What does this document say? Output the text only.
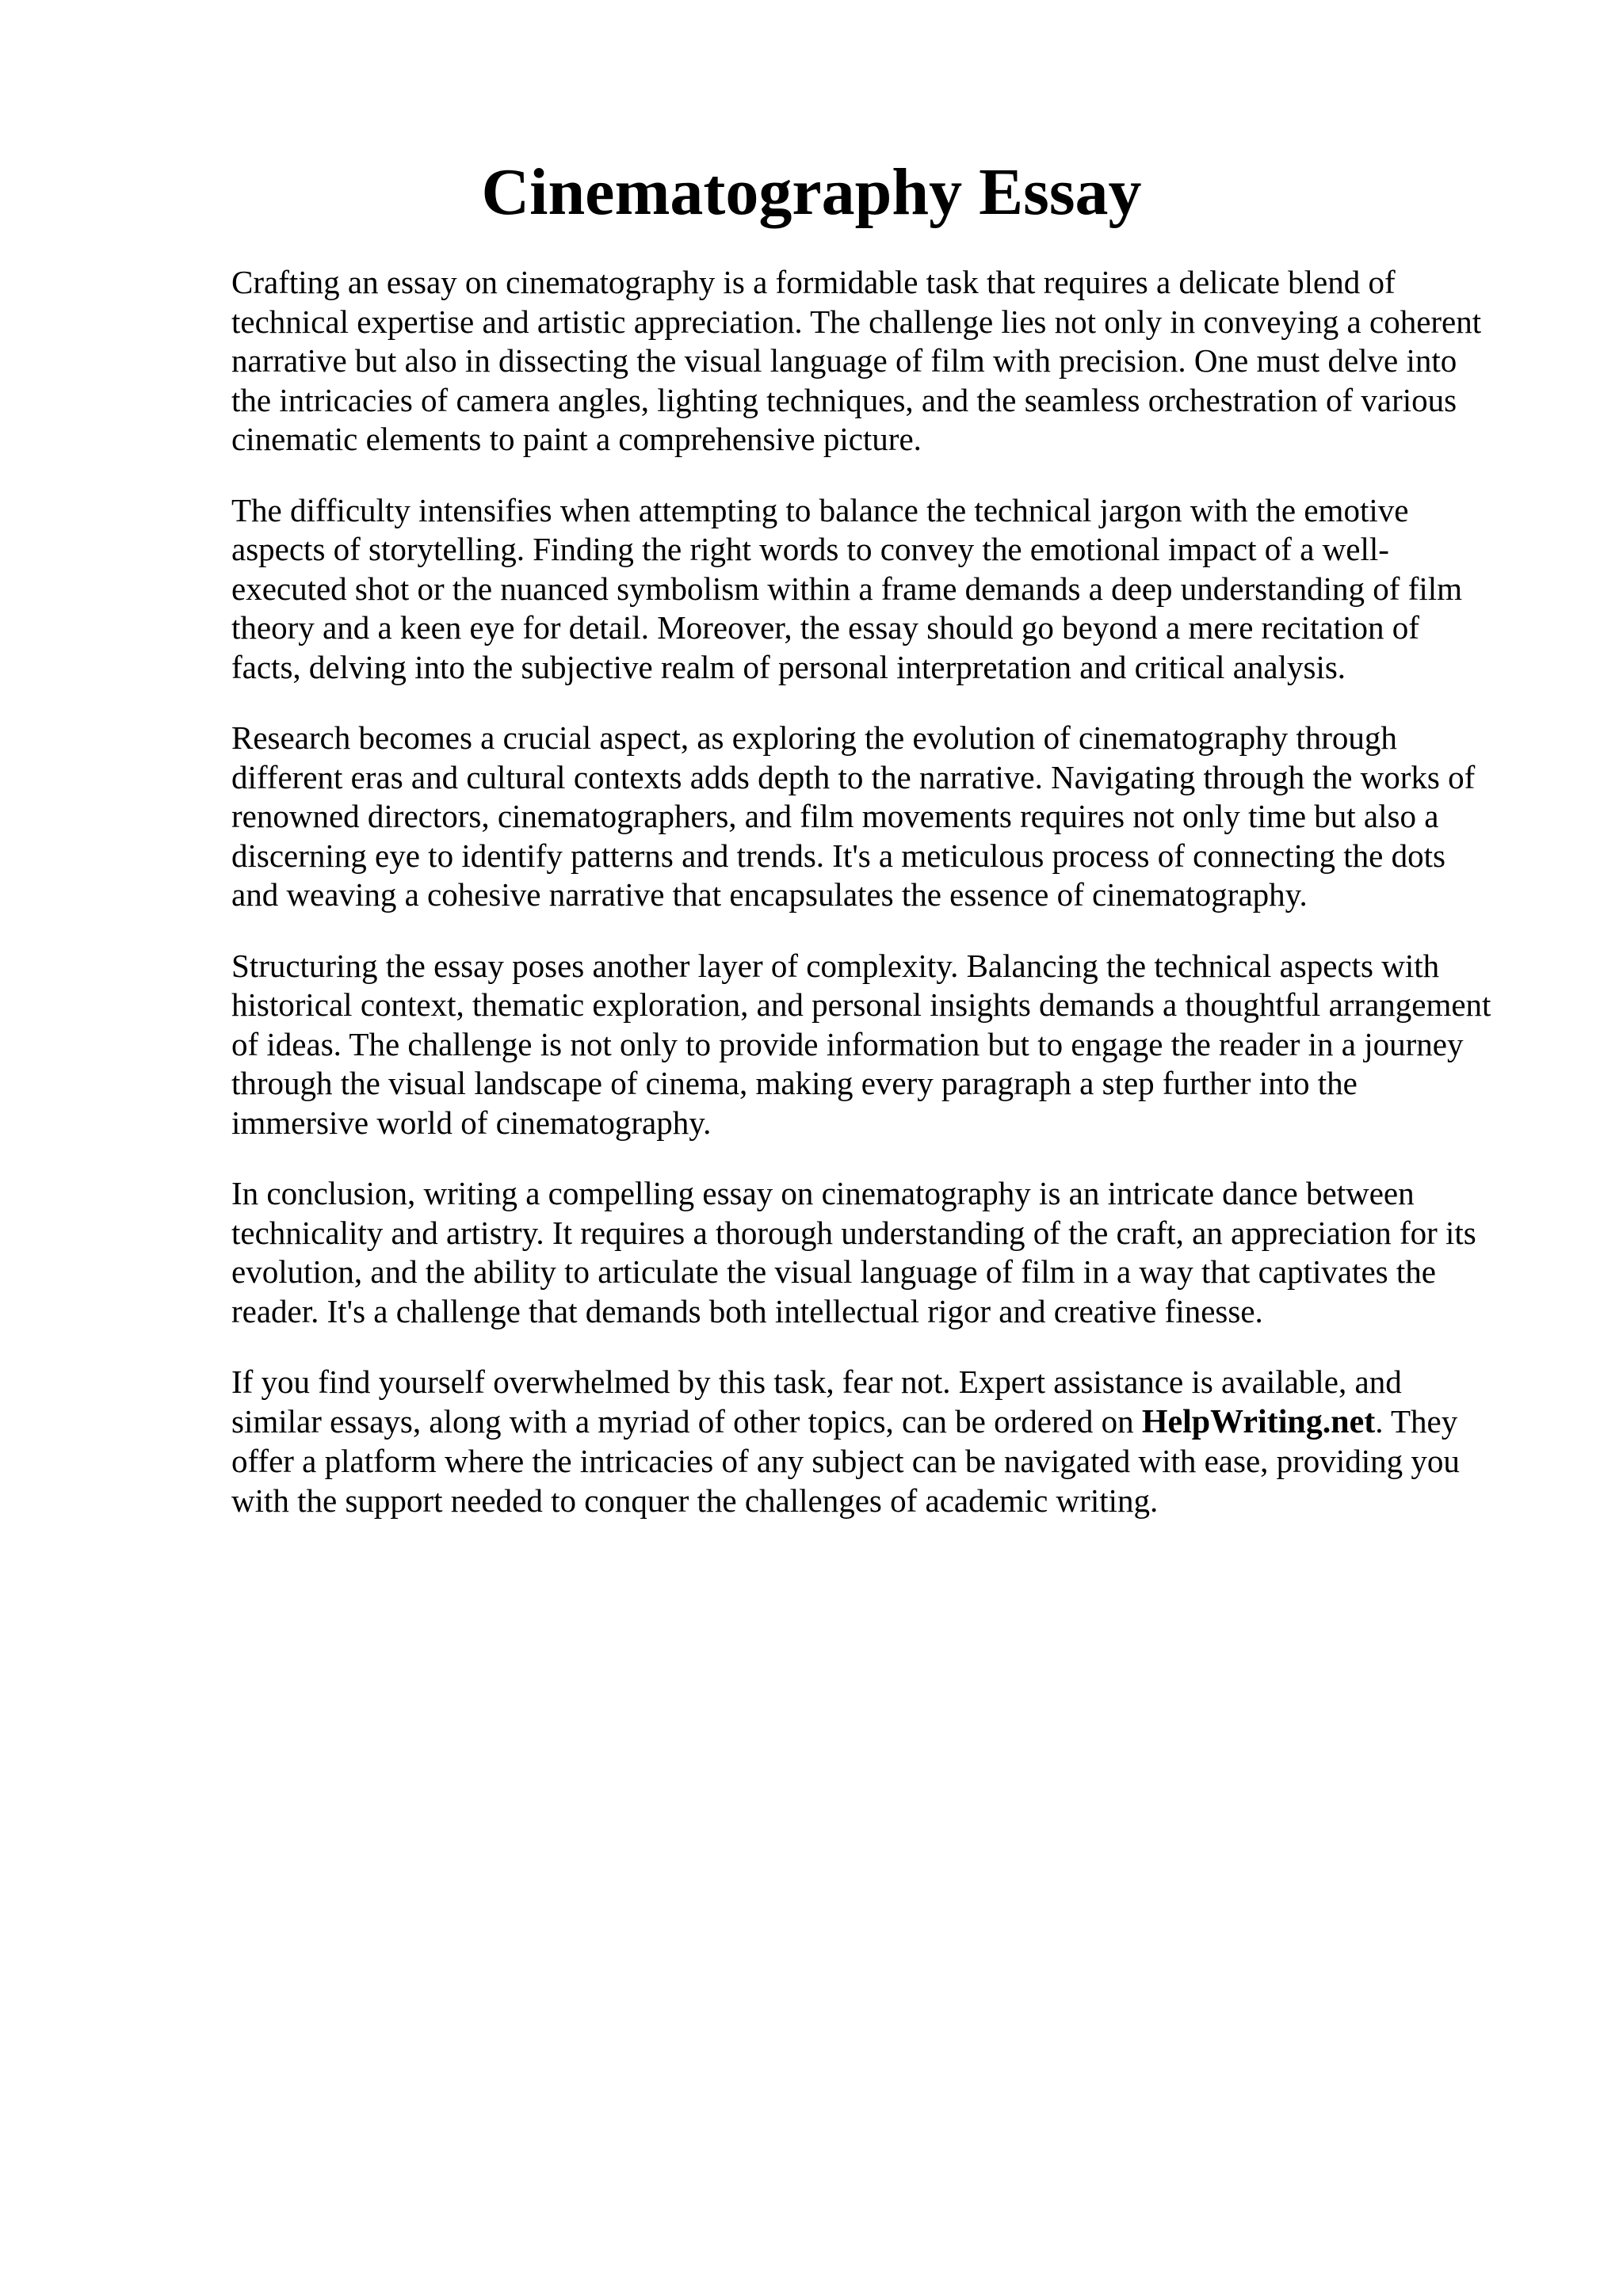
Cinematography Essay

Crafting an essay on cinematography is a formidable task that requires a delicate blend of
technical expertise and artistic appreciation. The challenge lies not only in conveying a coherent
narrative but also in dissecting the visual language of film with precision. One must delve into
the intricacies of camera angles, lighting techniques, and the seamless orchestration of various
cinematic elements to paint a comprehensive picture.

The difficulty intensifies when attempting to balance the technical jargon with the emotive
aspects of storytelling. Finding the right words to convey the emotional impact of a well-
executed shot or the nuanced symbolism within a frame demands a deep understanding of film
theory and a keen eye for detail. Moreover, the essay should go beyond a mere recitation of
facts, delving into the subjective realm of personal interpretation and critical analysis.

Research becomes a crucial aspect, as exploring the evolution of cinematography through
different eras and cultural contexts adds depth to the narrative. Navigating through the works of
renowned directors, cinematographers, and film movements requires not only time but also a
discerning eye to identify patterns and trends. It's a meticulous process of connecting the dots
and weaving a cohesive narrative that encapsulates the essence of cinematography.

Structuring the essay poses another layer of complexity. Balancing the technical aspects with
historical context, thematic exploration, and personal insights demands a thoughtful arrangement
of ideas. The challenge is not only to provide information but to engage the reader in a journey
through the visual landscape of cinema, making every paragraph a step further into the
immersive world of cinematography.

In conclusion, writing a compelling essay on cinematography is an intricate dance between
technicality and artistry. It requires a thorough understanding of the craft, an appreciation for its
evolution, and the ability to articulate the visual language of film in a way that captivates the
reader. It's a challenge that demands both intellectual rigor and creative finesse.

If you find yourself overwhelmed by this task, fear not. Expert assistance is available, and
similar essays, along with a myriad of other topics, can be ordered on HelpWriting.net. They
offer a platform where the intricacies of any subject can be navigated with ease, providing you
with the support needed to conquer the challenges of academic writing.
